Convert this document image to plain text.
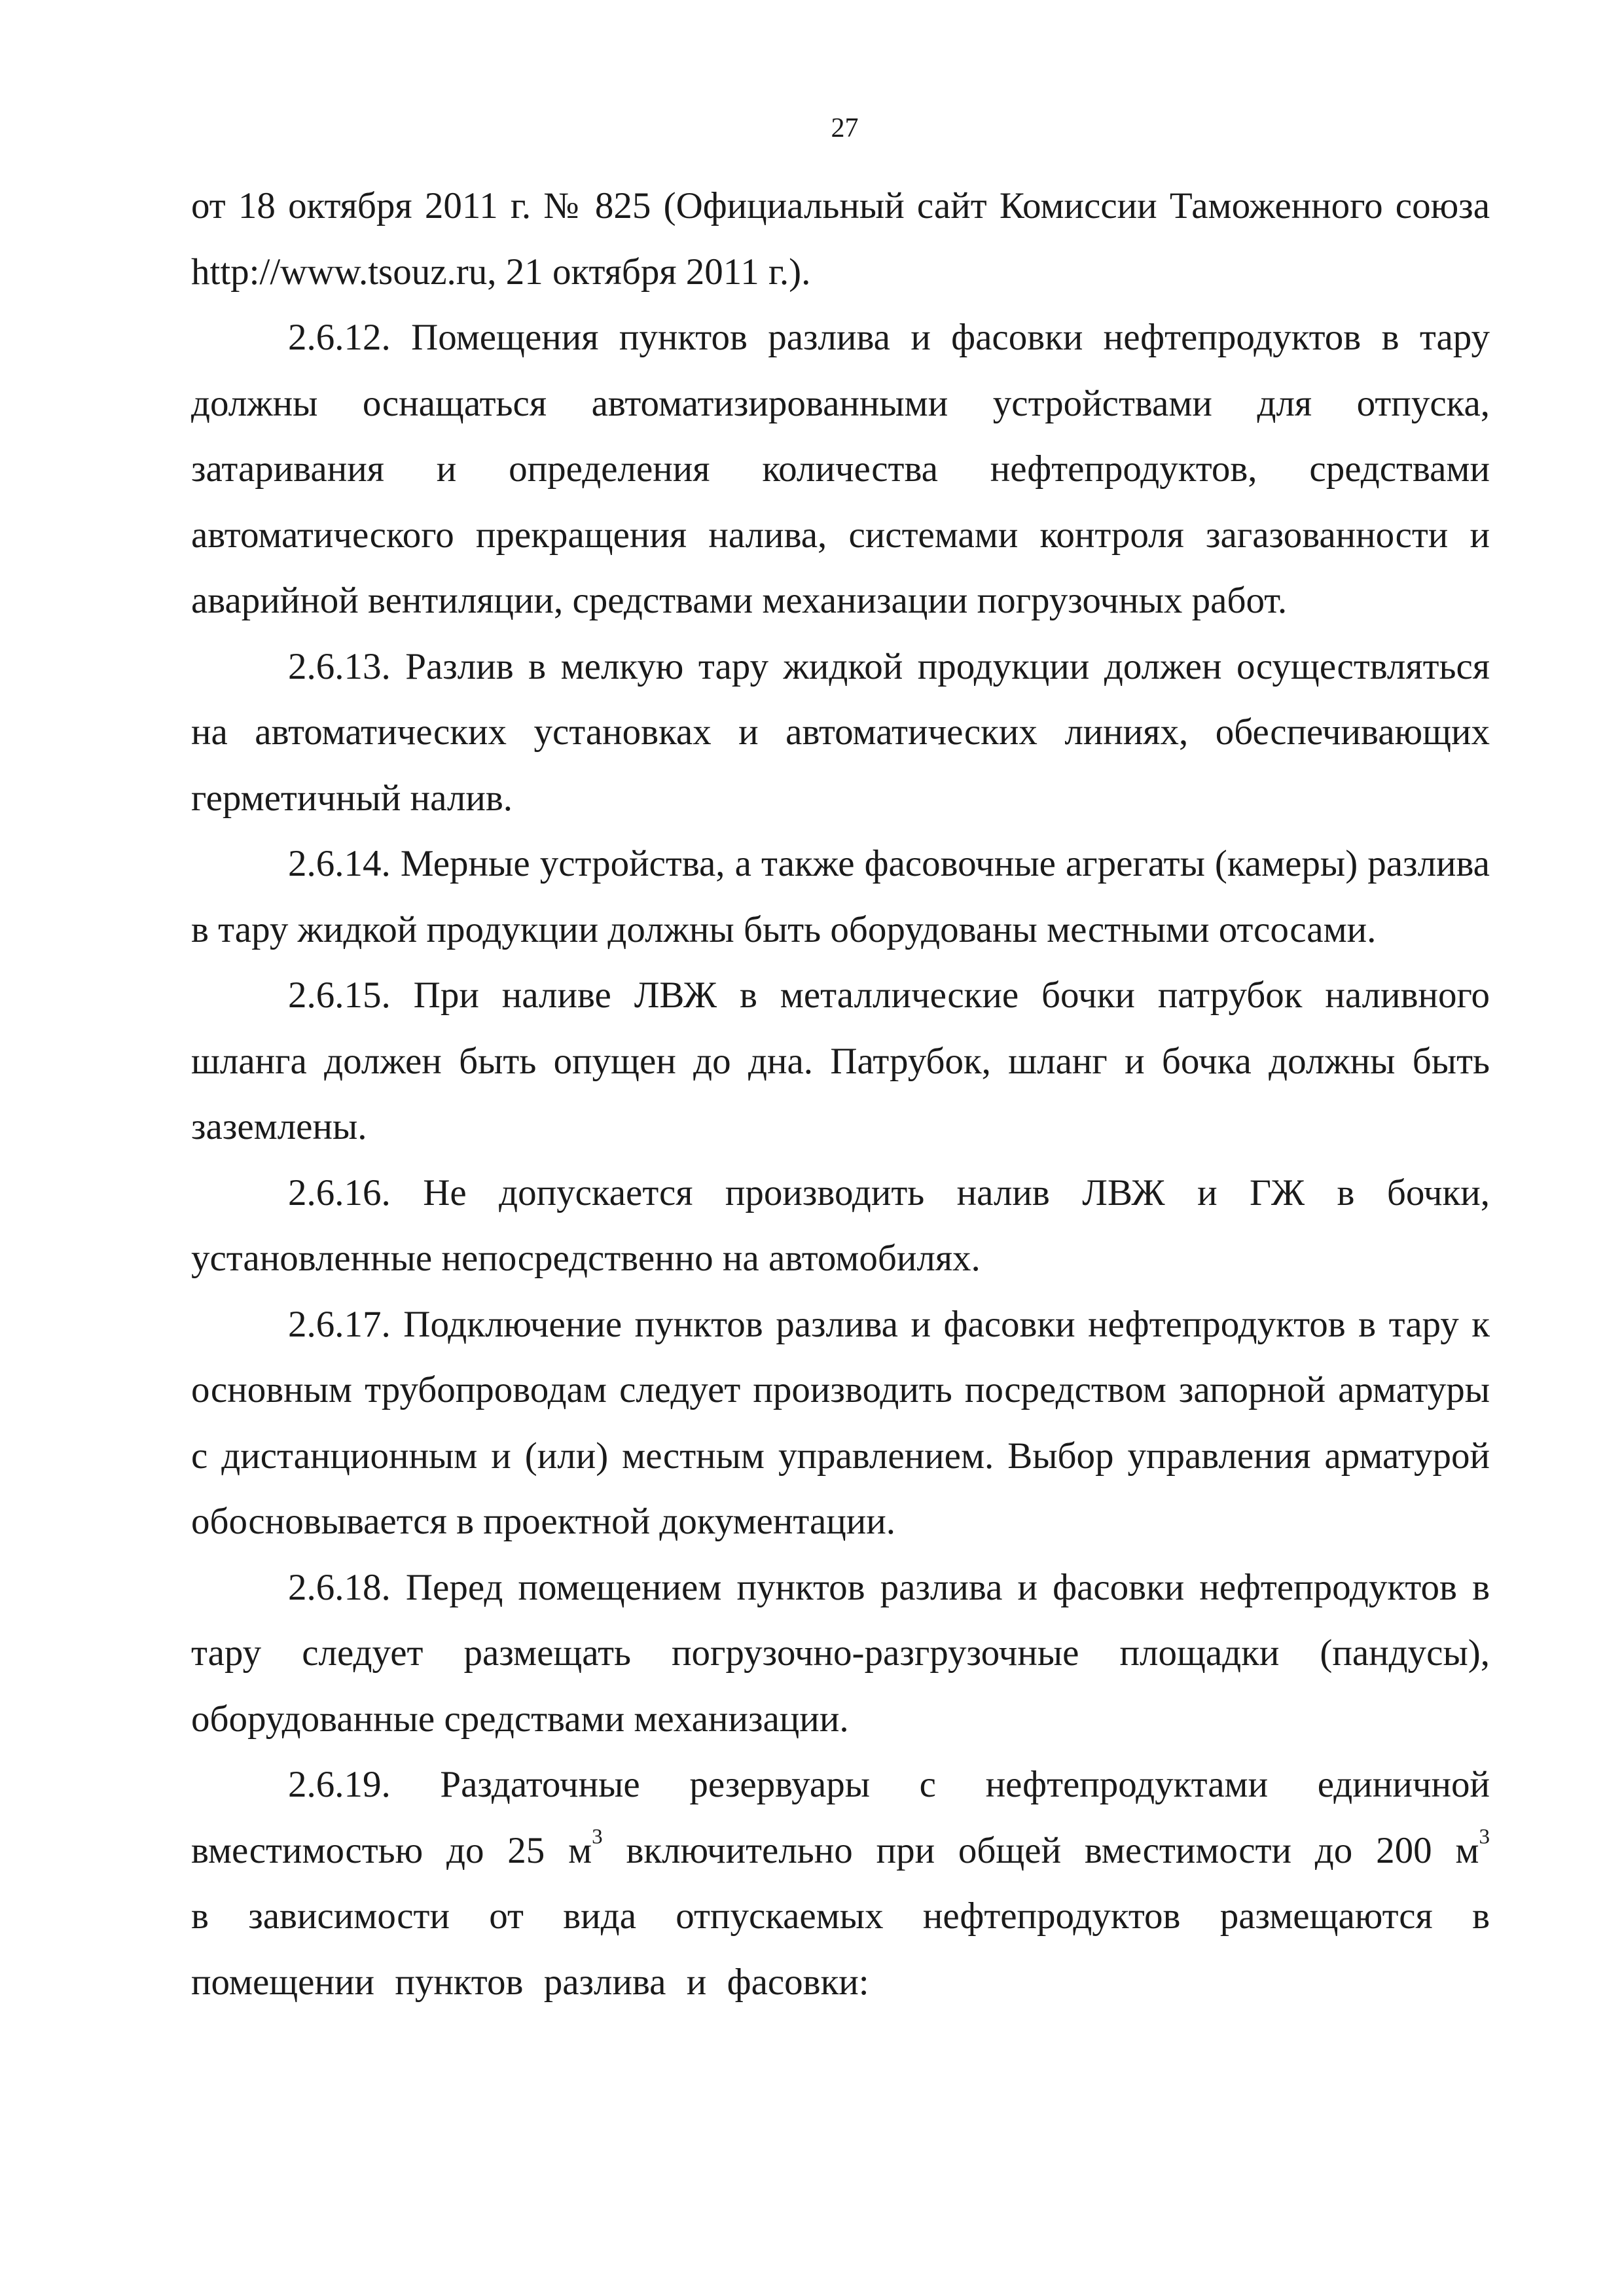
27

от 18 октября 2011 г. № 825 (Официальный сайт Комиссии Таможенного союза http://www.tsouz.ru, 21 октября 2011 г.).

2.6.12. Помещения пунктов разлива и фасовки нефтепродуктов в тару должны оснащаться автоматизированными устройствами для отпуска, затаривания и определения количества нефтепродуктов, средствами автоматического прекращения налива, системами контроля загазованности и аварийной вентиляции, средствами механизации погрузочных работ.

2.6.13. Разлив в мелкую тару жидкой продукции должен осуществляться на автоматических установках и автоматических линиях, обеспечивающих герметичный налив.

2.6.14. Мерные устройства, а также фасовочные агрегаты (камеры) разлива в тару жидкой продукции должны быть оборудованы местными отсосами.

2.6.15. При наливе ЛВЖ в металлические бочки патрубок наливного шланга должен быть опущен до дна. Патрубок, шланг и бочка должны быть заземлены.

2.6.16. Не допускается производить налив ЛВЖ и ГЖ в бочки, установленные непосредственно на автомобилях.

2.6.17. Подключение пунктов разлива и фасовки нефтепродуктов в тару к основным трубопроводам следует производить посредством запорной арматуры с дистанционным и (или) местным управлением. Выбор управления арматурой обосновывается в проектной документации.

2.6.18. Перед помещением пунктов разлива и фасовки нефтепродуктов в тару следует размещать погрузочно-разгрузочные площадки (пандусы), оборудованные средствами механизации.

2.6.19. Раздаточные резервуары с нефтепродуктами единичной вместимостью до 25 $м^3$ включительно при общей вместимости до 200 $м^3$ в зависимости от вида отпускаемых нефтепродуктов размещаются в помещении пунктов разлива и фасовки:
